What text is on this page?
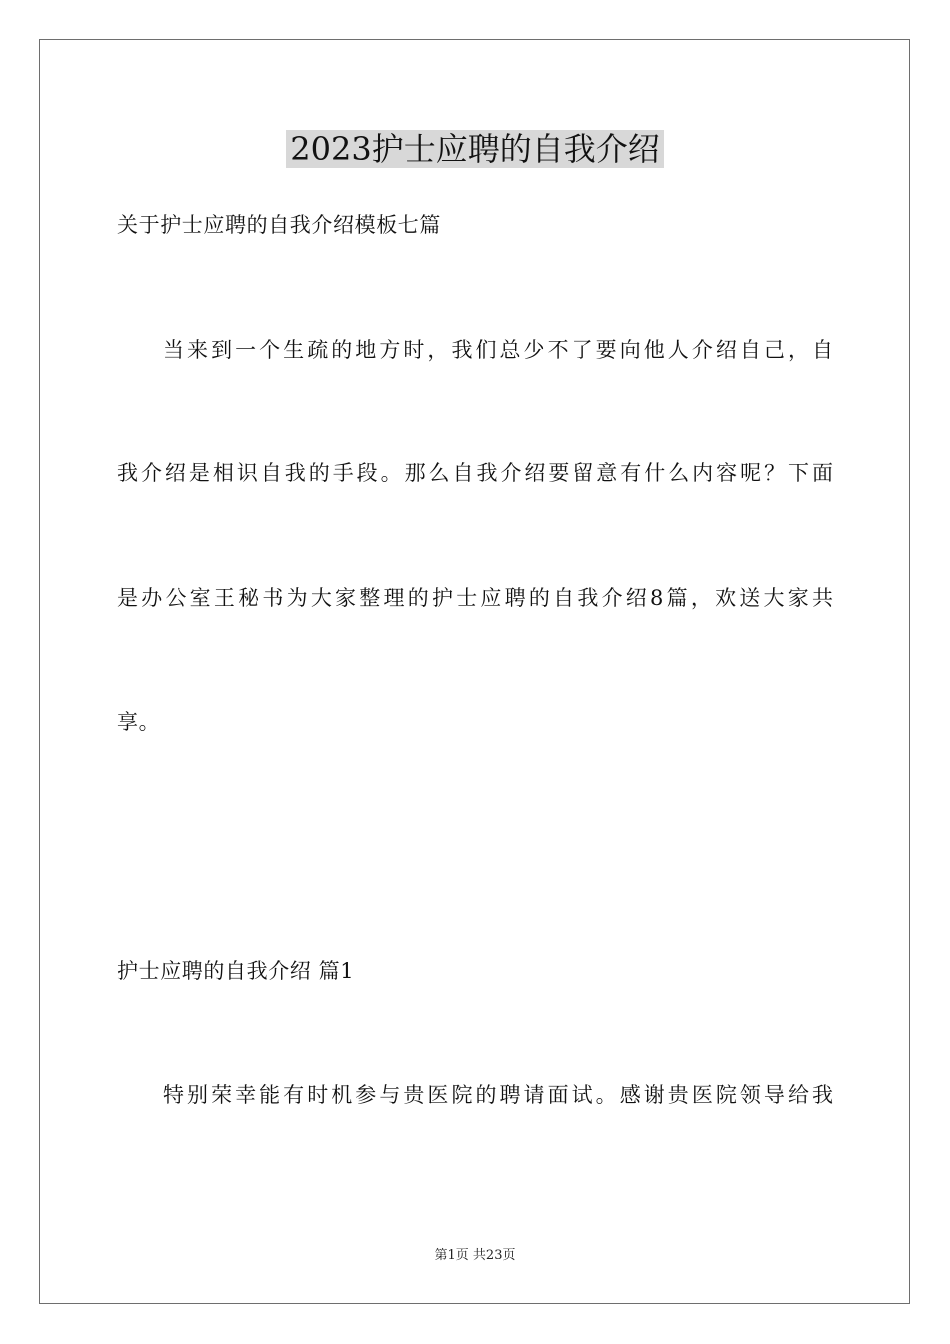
2023护士应聘的自我介绍
关于护士应聘的自我介绍模板七篇
当来到一个生疏的地方时，我们总少不了要向他人介绍自己，自
我介绍是相识自我的手段。那么自我介绍要留意有什么内容呢？下面
是办公室王秘书为大家整理的护士应聘的自我介绍8篇，欢送大家共
享。
护士应聘的自我介绍 篇1
特别荣幸能有时机参与贵医院的聘请面试。感谢贵医院领导给我
第1页 共23页
